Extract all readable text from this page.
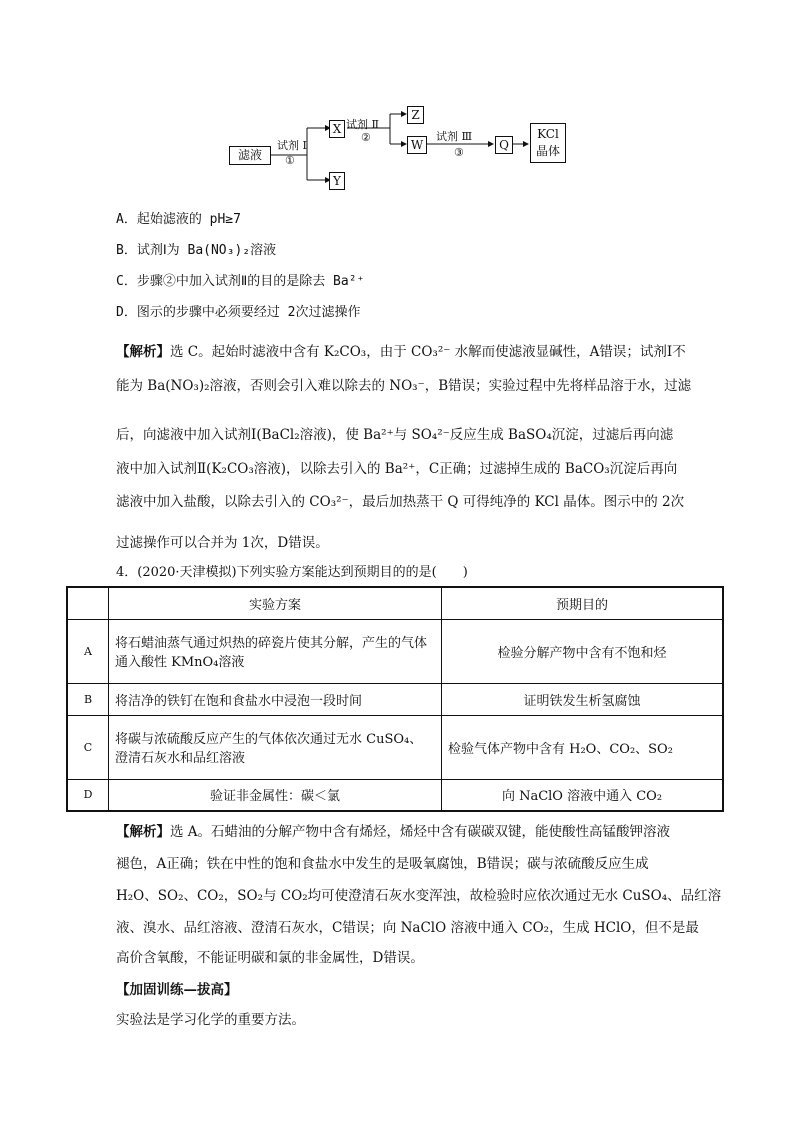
滤液
试剂 Ⅰ
①
X
Y
试剂 Ⅱ
②
Z
W
试剂 Ⅲ
③
Q
KCl
晶体
A．起始滤液的 pH≥7
B．试剂Ⅰ为 Ba(NO₃)₂溶液
C．步骤②中加入试剂Ⅱ的目的是除去 Ba²⁺
D．图示的步骤中必须要经过 2次过滤操作
【解析】选 C。起始时滤液中含有 K₂CO₃，由于 CO₃²⁻ 水解而使滤液显碱性，A错误；试剂Ⅰ不
能为 Ba(NO₃)₂溶液，否则会引入难以除去的 NO₃⁻，B错误；实验过程中先将样品溶于水，过滤
后，向滤液中加入试剂Ⅰ(BaCl₂溶液)，使 Ba²⁺与 SO₄²⁻反应生成 BaSO₄沉淀，过滤后再向滤
液中加入试剂Ⅱ(K₂CO₃溶液)，以除去引入的 Ba²⁺，C正确；过滤掉生成的 BaCO₃沉淀后再向
滤液中加入盐酸，以除去引入的 CO₃²⁻，最后加热蒸干 Q 可得纯净的 KCl 晶体。图示中的 2次
过滤操作可以合并为 1次，D错误。
4．(2020·天津模拟)下列实验方案能达到预期目的的是(　　)
	实验方案	预期目的
A	将石蜡油蒸气通过炽热的碎瓷片使其分解，产生的气体通入酸性 KMnO₄溶液	检验分解产物中含有不饱和烃
B	将洁净的铁钉在饱和食盐水中浸泡一段时间	证明铁发生析氢腐蚀
C	将碳与浓硫酸反应产生的气体依次通过无水 CuSO₄、澄清石灰水和品红溶液	检验气体产物中含有 H₂O、CO₂、SO₂
D	验证非金属性：碳＜氯	向 NaClO 溶液中通入 CO₂
【解析】选 A。石蜡油的分解产物中含有烯烃，烯烃中含有碳碳双键，能使酸性高锰酸钾溶液
褪色，A正确；铁在中性的饱和食盐水中发生的是吸氧腐蚀，B错误；碳与浓硫酸反应生成
H₂O、SO₂、CO₂，SO₂与 CO₂均可使澄清石灰水变浑浊，故检验时应依次通过无水 CuSO₄、品红溶
液、溴水、品红溶液、澄清石灰水，C错误；向 NaClO 溶液中通入 CO₂，生成 HClO，但不是最
高价含氧酸，不能证明碳和氯的非金属性，D错误。
【加固训练—拔高】
实验法是学习化学的重要方法。
